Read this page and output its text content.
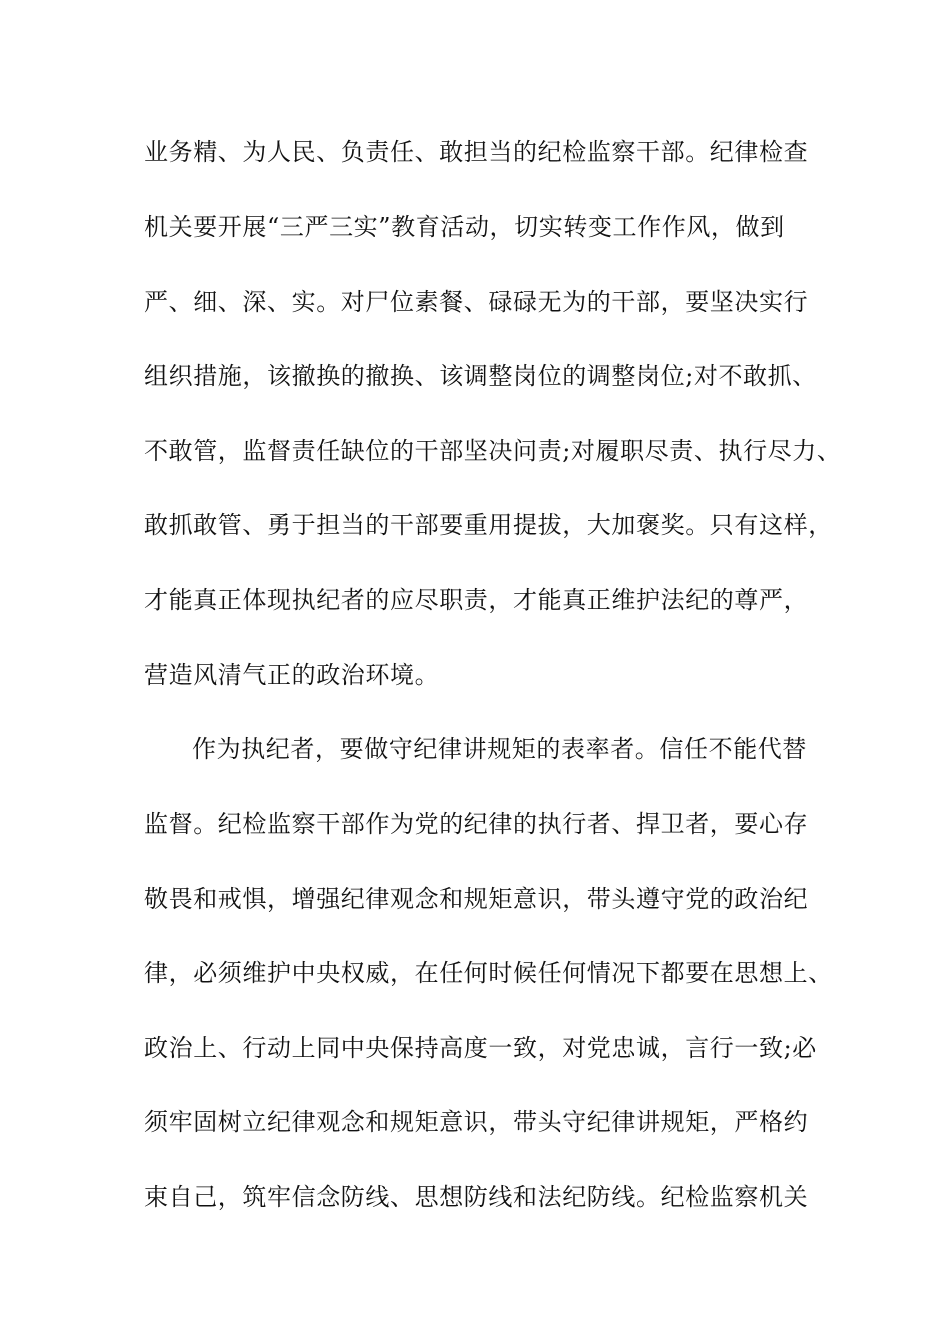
业务精、为人民、负责任、敢担当的纪检监察干部。纪律检查
机关要开展“三严三实”教育活动，切实转变工作作风，做到
严、细、深、实。对尸位素餐、碌碌无为的干部，要坚决实行
组织措施，该撤换的撤换、该调整岗位的调整岗位;对不敢抓、
不敢管，监督责任缺位的干部坚决问责;对履职尽责、执行尽力、
敢抓敢管、勇于担当的干部要重用提拔，大加褒奖。只有这样，
才能真正体现执纪者的应尽职责，才能真正维护法纪的尊严，
营造风清气正的政治环境。
作为执纪者，要做守纪律讲规矩的表率者。信任不能代替
监督。纪检监察干部作为党的纪律的执行者、捍卫者，要心存
敬畏和戒惧，增强纪律观念和规矩意识，带头遵守党的政治纪
律，必须维护中央权威，在任何时候任何情况下都要在思想上、
政治上、行动上同中央保持高度一致，对党忠诚，言行一致;必
须牢固树立纪律观念和规矩意识，带头守纪律讲规矩，严格约
束自己，筑牢信念防线、思想防线和法纪防线。纪检监察机关
